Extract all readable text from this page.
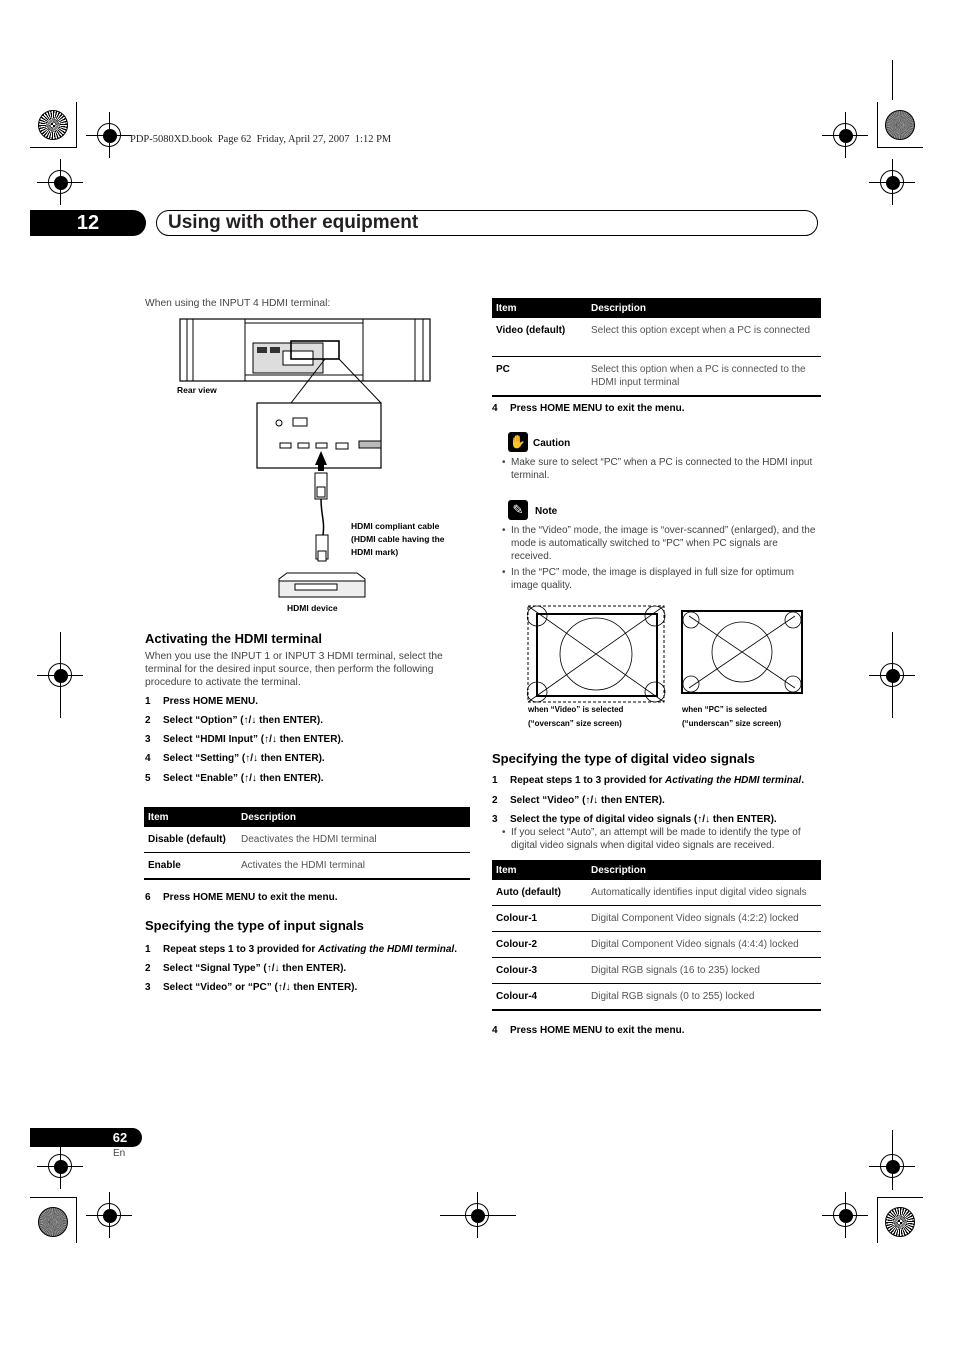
PDP-5080XD.book  Page 62  Friday, April 27, 2007  1:12 PM
12	Using with other equipment
When using the INPUT 4 HDMI terminal:
Rear view
HDMI compliant cable
(HDMI cable having the
HDMI mark)
HDMI device
Activating the HDMI terminal
When you use the INPUT 1 or INPUT 3 HDMI terminal, select the terminal for the desired input source, then perform the following procedure to activate the terminal.
1 Press HOME MENU.
2 Select “Option” (↑/↓ then ENTER).
3 Select “HDMI Input” (↑/↓ then ENTER).
4 Select “Setting” (↑/↓ then ENTER).
5 Select “Enable” (↑/↓ then ENTER).
Item	Description
Disable (default)	Deactivates the HDMI terminal
Enable	Activates the HDMI terminal
6 Press HOME MENU to exit the menu.
Specifying the type of input signals
1 Repeat steps 1 to 3 provided for Activating the HDMI terminal.
2 Select “Signal Type” (↑/↓ then ENTER).
3 Select “Video” or “PC” (↑/↓ then ENTER).
Item	Description
Video (default)	Select this option except when a PC is connected
PC	Select this option when a PC is connected to the HDMI input terminal
4 Press HOME MENU to exit the menu.
✋ Caution
• Make sure to select “PC” when a PC is connected to the HDMI input terminal.
✎	Note
• In the “Video” mode, the image is “over-scanned” (enlarged), and the mode is automatically switched to “PC” when PC signals are received.
• In the “PC” mode, the image is displayed in full size for optimum image quality.
when “Video” is selected
(“overscan” size screen)
when “PC” is selected
(“underscan” size screen)
Specifying the type of digital video signals
1 Repeat steps 1 to 3 provided for Activating the HDMI terminal.
2 Select “Video” (↑/↓ then ENTER).
3 Select the type of digital video signals (↑/↓ then ENTER).
• If you select “Auto”, an attempt will be made to identify the type of digital video signals when digital video signals are received.
Item	Description
Auto (default)	Automatically identifies input digital video signals
Colour-1	Digital Component Video signals (4:2:2) locked
Colour-2	Digital Component Video signals (4:4:4) locked
Colour-3	Digital RGB signals (16 to 235) locked
Colour-4	Digital RGB signals (0 to 255) locked
4 Press HOME MENU to exit the menu.
62
En
